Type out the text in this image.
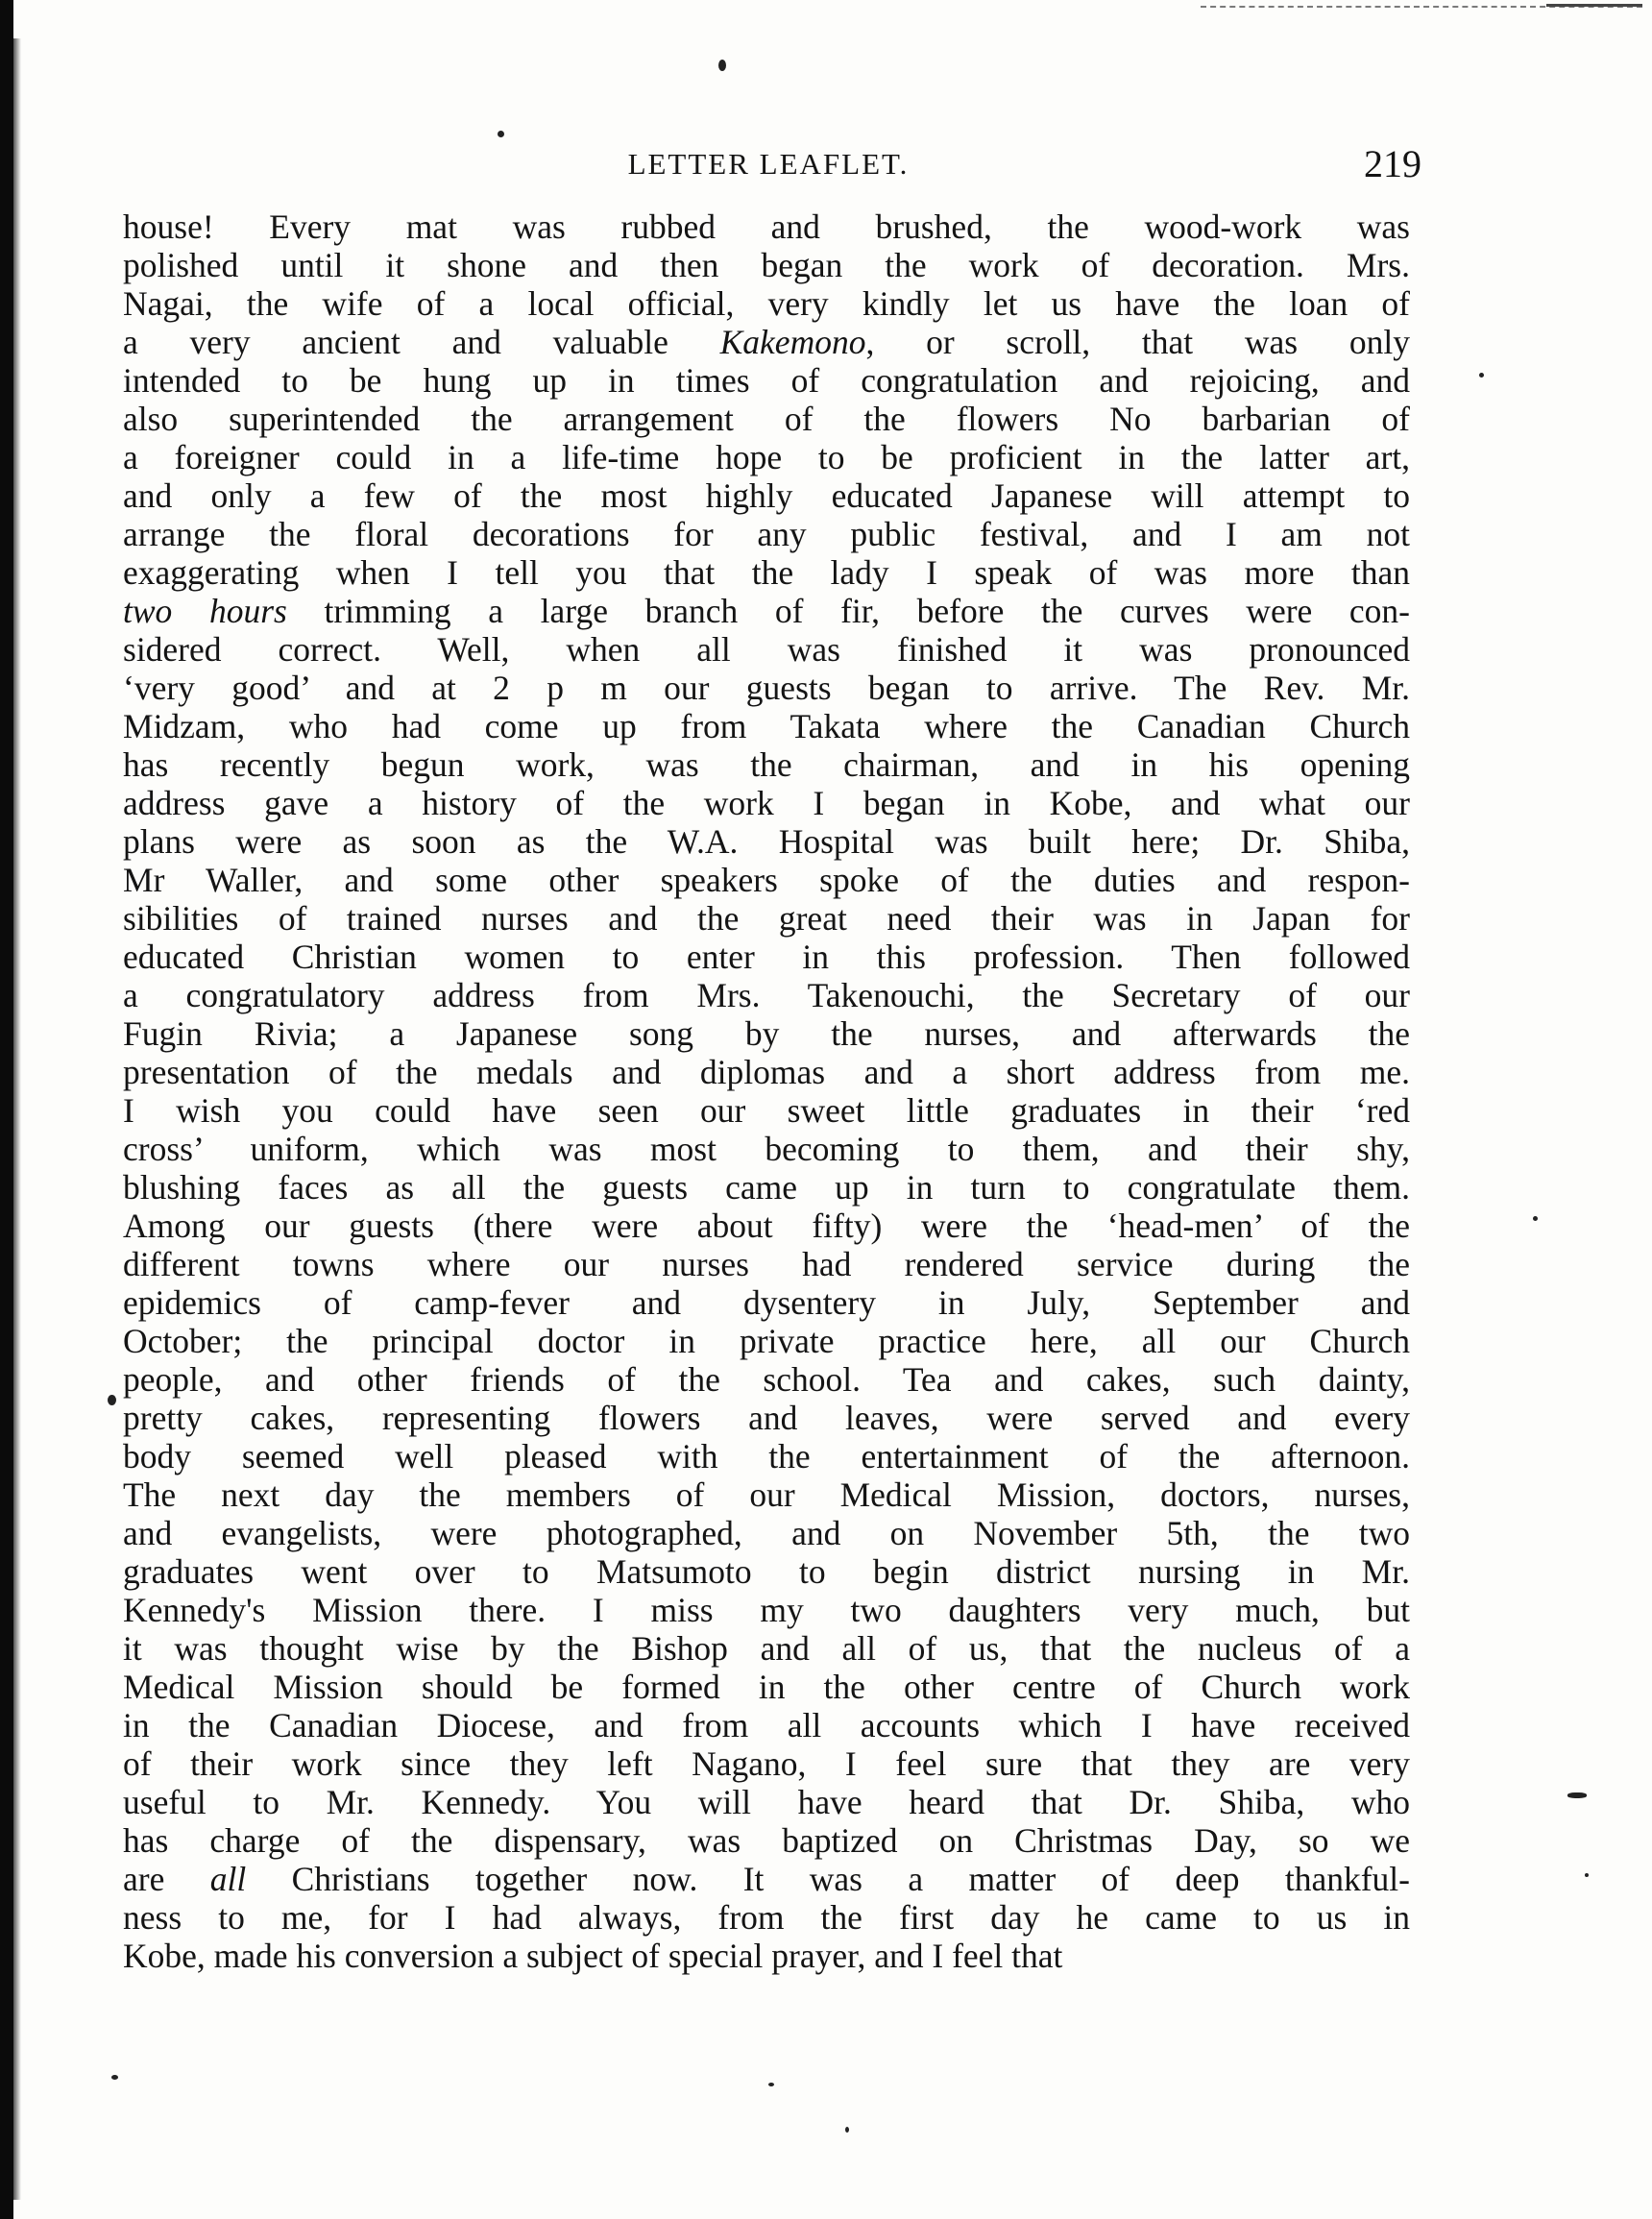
LETTER LEAFLET.	219
house! Every mat was rubbed and brushed, the wood-work was
polished until it shone and then began the work of decoration. Mrs.
Nagai, the wife of a local official, very kindly let us have the loan of
a very ancient and valuable Kakemono, or scroll, that was only
intended to be hung up in times of congratulation and rejoicing, and
also superintended the arrangement of the flowers No barbarian of
a foreigner could in a life-time hope to be proficient in the latter art,
and only a few of the most highly educated Japanese will attempt to
arrange the floral decorations for any public festival, and I am not
exaggerating when I tell you that the lady I speak of was more than
two hours trimming a large branch of fir, before the curves were con-
sidered correct. Well, when all was finished it was pronounced
‘very good’ and at 2 p m our guests began to arrive. The Rev. Mr.
Midzam, who had come up from Takata where the Canadian Church
has recently begun work, was the chairman, and in his opening
address gave a history of the work I began in Kobe, and what our
plans were as soon as the W.A. Hospital was built here; Dr. Shiba,
Mr Waller, and some other speakers spoke of the duties and respon-
sibilities of trained nurses and the great need their was in Japan for
educated Christian women to enter in this profession. Then followed
a congratulatory address from Mrs. Takenouchi, the Secretary of our
Fugin Rivia; a Japanese song by the nurses, and afterwards the
presentation of the medals and diplomas and a short address from me.
I wish you could have seen our sweet little graduates in their ‘red
cross’ uniform, which was most becoming to them, and their shy,
blushing faces as all the guests came up in turn to congratulate them.
Among our guests (there were about fifty) were the ‘head-men’ of the
different towns where our nurses had rendered service during the
epidemics of camp-fever and dysentery in July, September and
October; the principal doctor in private practice here, all our Church
people, and other friends of the school. Tea and cakes, such dainty,
pretty cakes, representing flowers and leaves, were served and every
body seemed well pleased with the entertainment of the afternoon.
The next day the members of our Medical Mission, doctors, nurses,
and evangelists, were photographed, and on November 5th, the two
graduates went over to Matsumoto to begin district nursing in Mr.
Kennedy's Mission there. I miss my two daughters very much, but
it was thought wise by the Bishop and all of us, that the nucleus of a
Medical Mission should be formed in the other centre of Church work
in the Canadian Diocese, and from all accounts which I have received
of their work since they left Nagano, I feel sure that they are very
useful to Mr. Kennedy. You will have heard that Dr. Shiba, who
has charge of the dispensary, was baptized on Christmas Day, so we
are all Christians together now. It was a matter of deep thankful-
ness to me, for I had always, from the first day he came to us in
Kobe, made his conversion a subject of special prayer, and I feel that
